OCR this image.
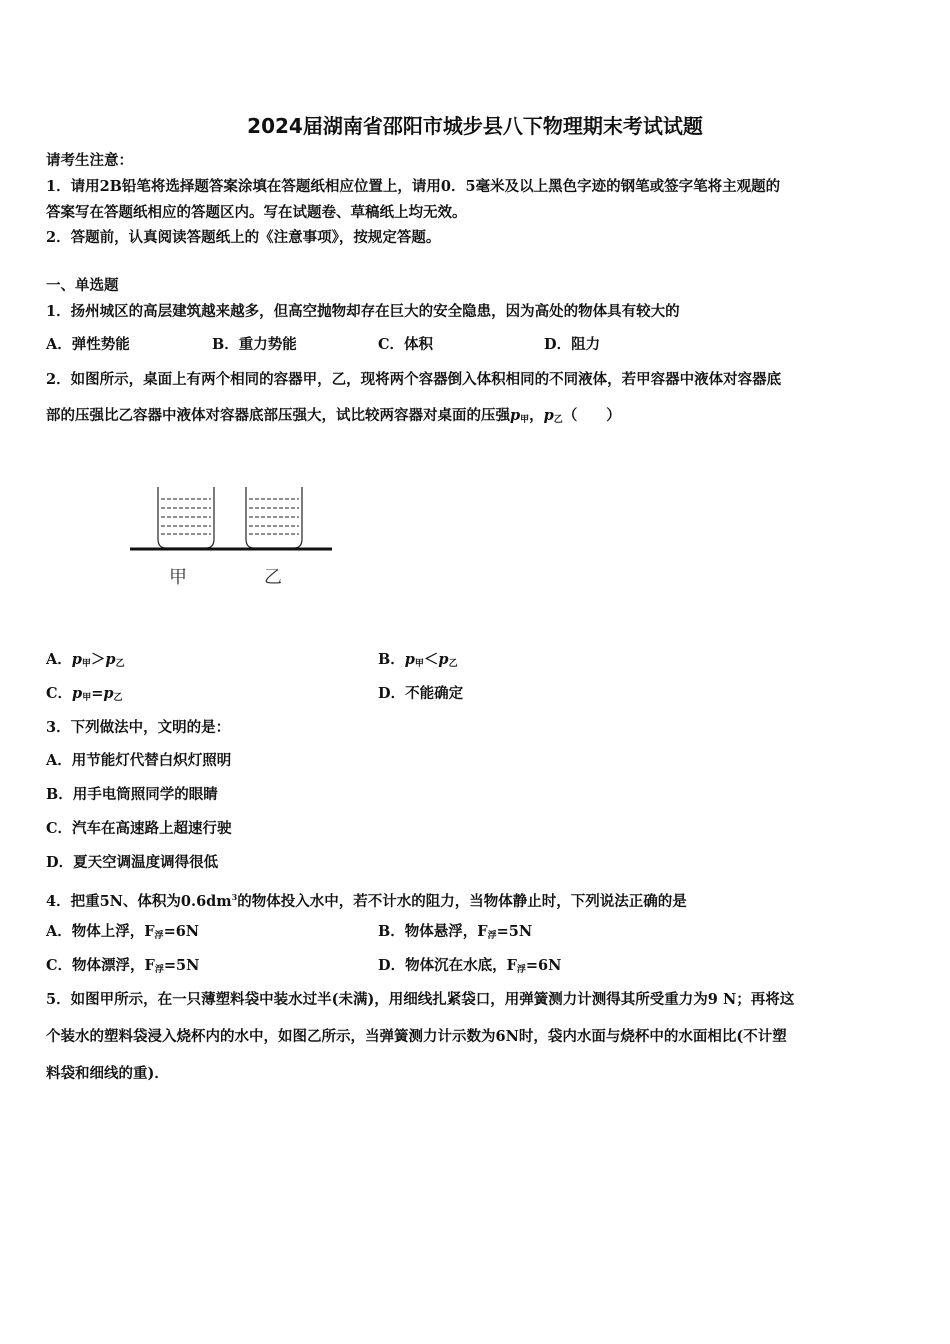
2024届湖南省邵阳市城步县八下物理期末考试试题
请考生注意：
1．请用2B铅笔将选择题答案涂填在答题纸相应位置上，请用0．5毫米及以上黑色字迹的钢笔或签字笔将主观题的
答案写在答题纸相应的答题区内。写在试题卷、草稿纸上均无效。
2．答题前，认真阅读答题纸上的《注意事项》，按规定答题。
一、单选题
1．扬州城区的高层建筑越来越多，但高空抛物却存在巨大的安全隐患，因为高处的物体具有较大的
A．弹性势能	B．重力势能	C．体积	D．阻力
2．如图所示，桌面上有两个相同的容器甲，乙，现将两个容器倒入体积相同的不同液体，若甲容器中液体对容器底
部的压强比乙容器中液体对容器底部压强大，试比较两容器对桌面的压强$p_甲$，$p_乙$（　　）
甲	乙
A．$p_甲>p_乙$	B．$p_甲<p_乙$
C．$p_甲=p_乙$	D．不能确定
3．下列做法中，文明的是：
A．用节能灯代替白炽灯照明
B．用手电筒照同学的眼睛
C．汽车在高速路上超速行驶
D．夏天空调温度调得很低
4．把重5N、体积为$0.6dm^3$的物体投入水中，若不计水的阻力，当物体静止时，下列说法正确的是
A．物体上浮，$F_浮=6N$	B．物体悬浮，$F_浮=5N$
C．物体漂浮，$F_浮=5N$	D．物体沉在水底，$F_浮=6N$
5．如图甲所示，在一只薄塑料袋中装水过半(未满)，用细线扎紧袋口，用弹簧测力计测得其所受重力为9 N；再将这
个装水的塑料袋浸入烧杯内的水中，如图乙所示，当弹簧测力计示数为6N时，袋内水面与烧杯中的水面相比(不计塑
料袋和细线的重)．
